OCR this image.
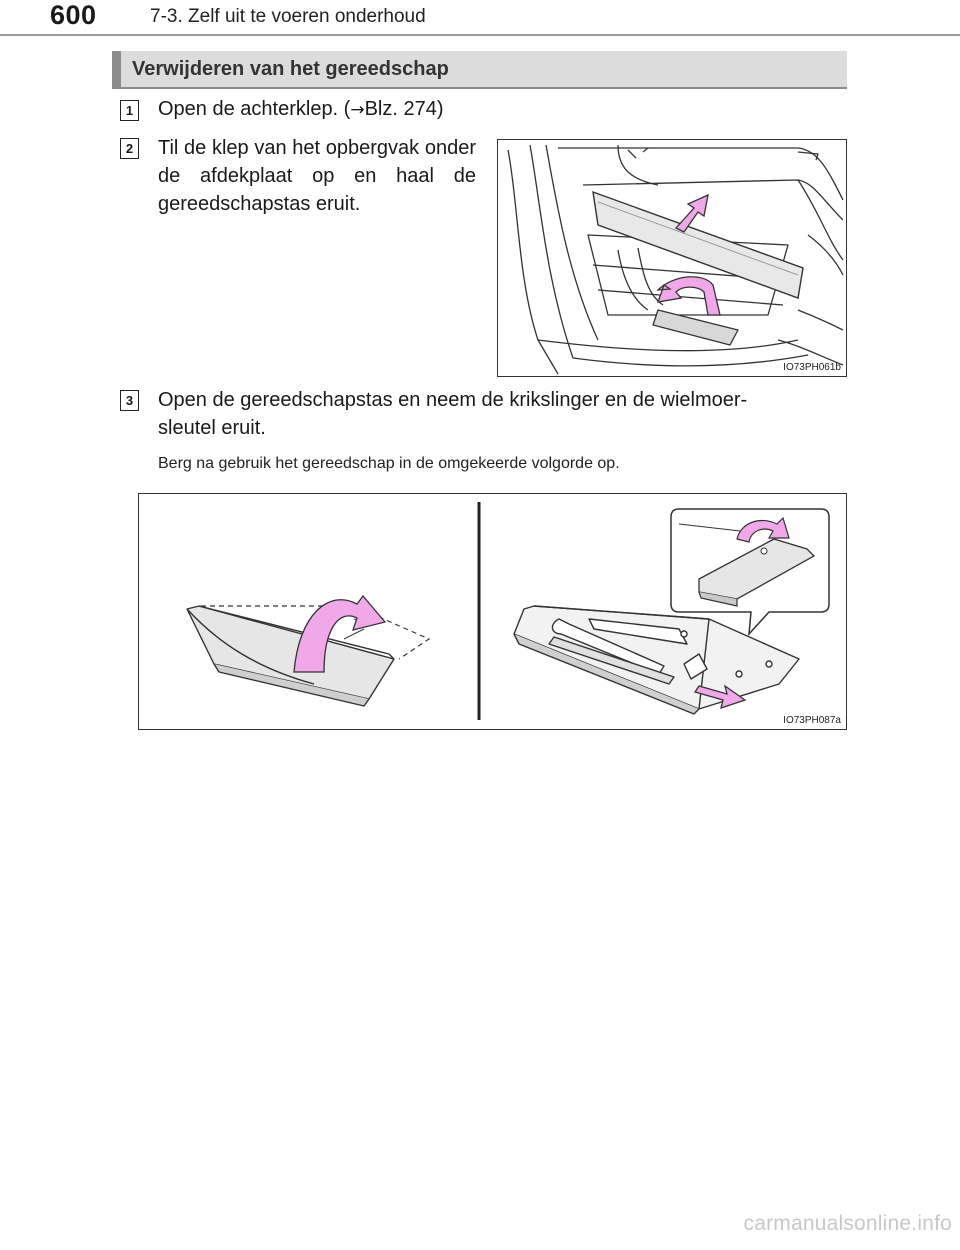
600	7-3. Zelf uit te voeren onderhoud
Verwijderen van het gereedschap
1 Open de achterklep. (→Blz. 274)
2 Til de klep van het opbergvak onder de afdekplaat op en haal de gereedschapstas eruit.
IO73PH061b
3 Open de gereedschapstas en neem de krikslinger en de wielmoer-
sleutel eruit.
Berg na gebruik het gereedschap in de omgekeerde volgorde op.
IO73PH087a
carmanualsonline.info
